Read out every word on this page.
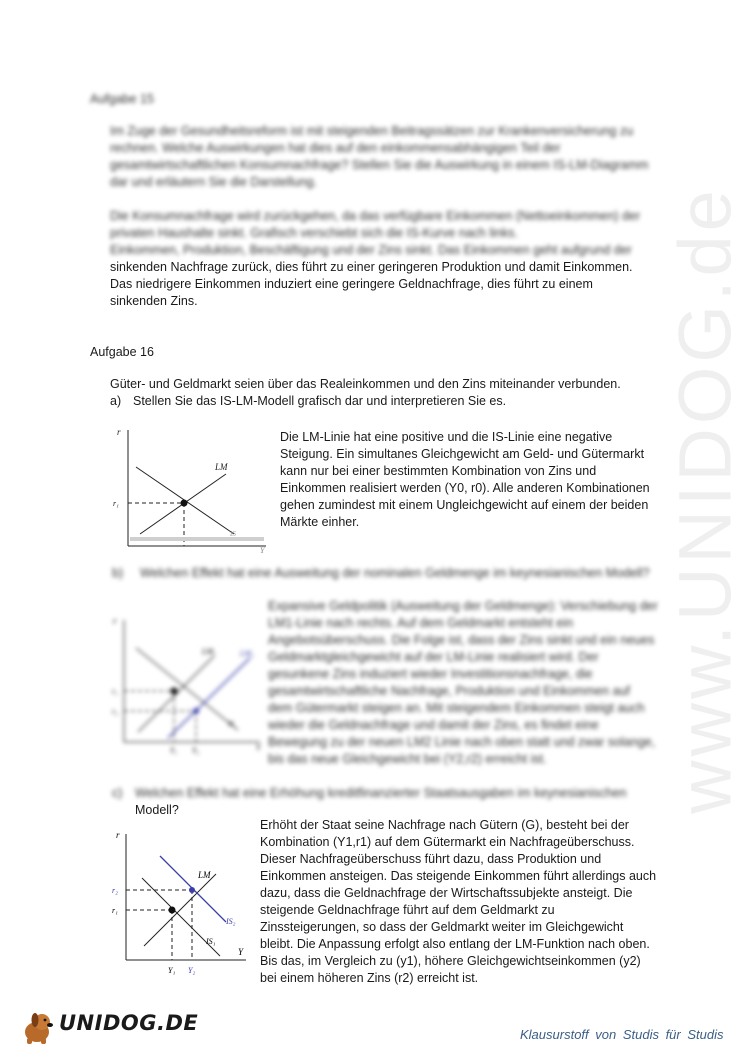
www.UNIDOG.de
Aufgabe 15
Im Zuge der Gesundheitsreform ist mit steigenden Beitragssätzen zur Krankenversicherung zu
rechnen. Welche Auswirkungen hat dies auf den einkommensabhängigen Teil der
gesamtwirtschaftlichen Konsumnachfrage? Stellen Sie die Auswirkung in einem IS-LM-Diagramm
dar und erläutern Sie die Darstellung.
Die Konsumnachfrage wird zurückgehen, da das verfügbare Einkommen (Nettoeinkommen) der
privaten Haushalte sinkt. Grafisch verschiebt sich die IS-Kurve nach links.
Einkommen, Produktion, Beschäftigung und der Zins sinkt. Das Einkommen geht aufgrund der
sinkenden Nachfrage zurück, dies führt zu einer geringeren Produktion und damit Einkommen.
Das niedrigere Einkommen induziert eine geringere Geldnachfrage, dies führt zu einem
sinkenden Zins.
Aufgabe 16
Güter- und Geldmarkt seien über das Realeinkommen und den Zins miteinander verbunden.
a) Stellen Sie das IS-LM-Modell grafisch dar und interpretieren Sie es.
r
Y
LM
IS
r₁
Die LM-Linie hat eine positive und die IS-Linie eine negative
Steigung. Ein simultanes Gleichgewicht am Geld- und Gütermarkt
kann nur bei einer bestimmten Kombination von Zins und
Einkommen realisiert werden (Y0, r0). Alle anderen Kombinationen
gehen zumindest mit einem Ungleichgewicht auf einem der beiden
Märkte einher.
b) Welchen Effekt hat eine Ausweitung der nominalen Geldmenge im keynesianischen Modell?
r
Y
LM₁	LM₂
IS
r₁
r₂
Y₁ Y₂
Expansive Geldpolitik (Ausweitung der Geldmenge): Verschiebung der
LM1-Linie nach rechts. Auf dem Geldmarkt entsteht ein
Angebotsüberschuss. Die Folge ist, dass der Zins sinkt und ein neues
Geldmarktgleichgewicht auf der LM-Linie realisiert wird. Der
gesunkene Zins induziert wieder Investitionsnachfrage, die
gesamtwirtschaftliche Nachfrage, Produktion und Einkommen auf
dem Gütermarkt steigen an. Mit steigendem Einkommen steigt auch
wieder die Geldnachfrage und damit der Zins, es findet eine
Bewegung zu der neuen LM2 Linie nach oben statt und zwar solange,
bis das neue Gleichgewicht bei (Y2,r2) erreicht ist.
c) Welchen Effekt hat eine Erhöhung kreditfinanzierter Staatsausgaben im keynesianischen
Modell?
r
Y
LM
IS₂
IS₁
r₁
r₂
Y₁ Y₂
Erhöht der Staat seine Nachfrage nach Gütern (G), besteht bei der
Kombination (Y1,r1) auf dem Gütermarkt ein Nachfrageüberschuss.
Dieser Nachfrageüberschuss führt dazu, dass Produktion und
Einkommen ansteigen. Das steigende Einkommen führt allerdings auch
dazu, dass die Geldnachfrage der Wirtschaftssubjekte ansteigt. Die
steigende Geldnachfrage führt auf dem Geldmarkt zu
Zinssteigerungen, so dass der Geldmarkt weiter im Gleichgewicht
bleibt. Die Anpassung erfolgt also entlang der LM-Funktion nach oben.
Bis das, im Vergleich zu (y1), höhere Gleichgewichtseinkommen (y2)
bei einem höheren Zins (r2) erreicht ist.
UNIDOG.DE	Klausurstoff von Studis für Studis
